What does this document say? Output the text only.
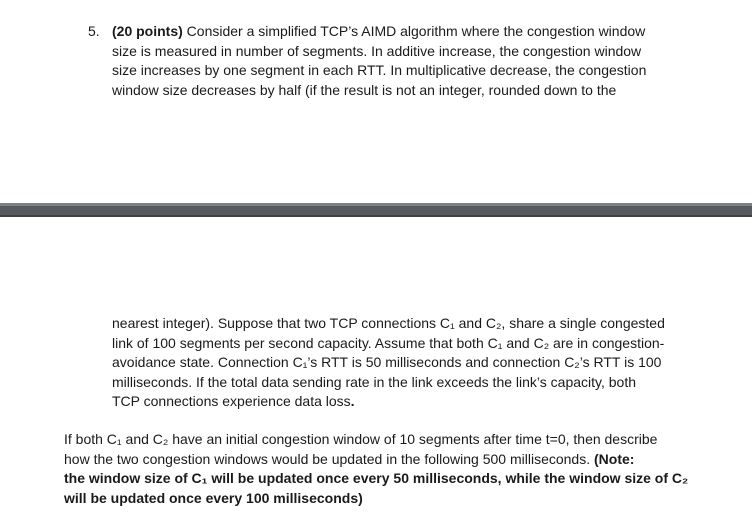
5. (20 points) Consider a simplified TCP’s AIMD algorithm where the congestion window
size is measured in number of segments. In additive increase, the congestion window
size increases by one segment in each RTT. In multiplicative decrease, the congestion
window size decreases by half (if the result is not an integer, rounded down to the

nearest integer). Suppose that two TCP connections C₁ and C₂, share a single congested
link of 100 segments per second capacity. Assume that both C₁ and C₂ are in congestion-
avoidance state. Connection C₁’s RTT is 50 milliseconds and connection C₂’s RTT is 100
milliseconds. If the total data sending rate in the link exceeds the link’s capacity, both
TCP connections experience data loss.

If both C₁ and C₂ have an initial congestion window of 10 segments after time t=0, then describe
how the two congestion windows would be updated in the following 500 milliseconds. (Note:
the window size of C₁ will be updated once every 50 milliseconds, while the window size of C₂
will be updated once every 100 milliseconds)
